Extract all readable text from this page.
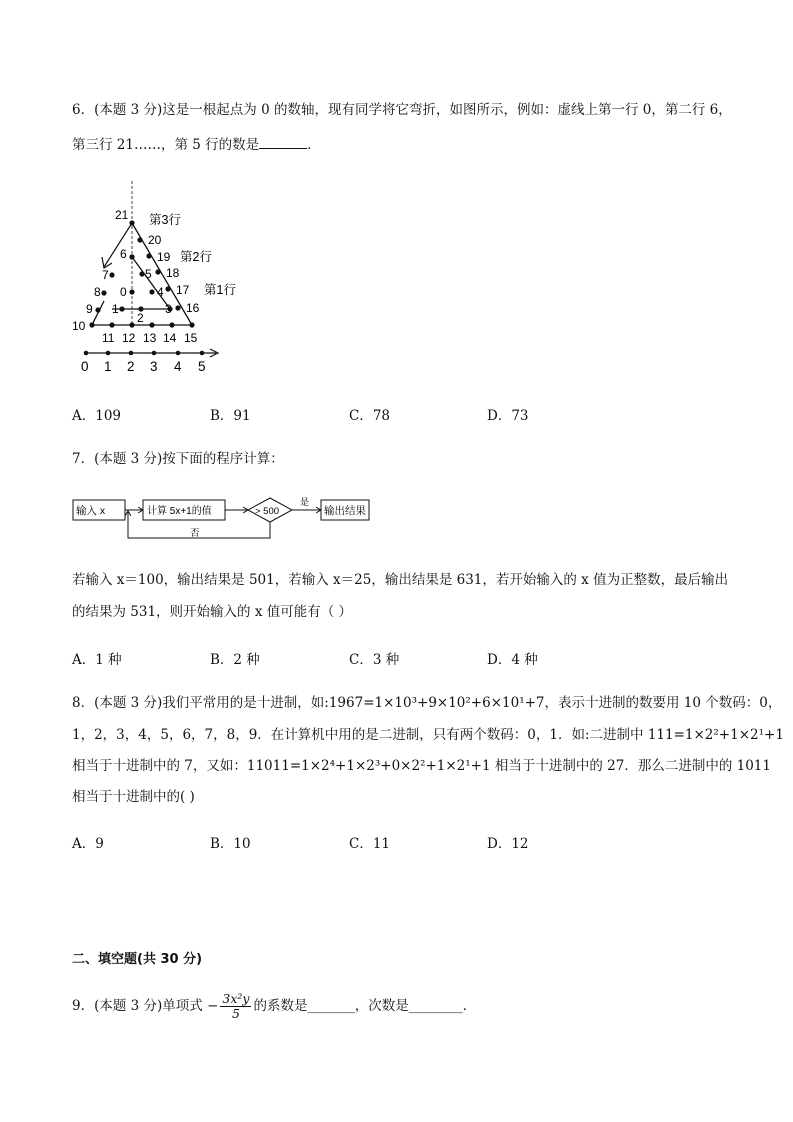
6．(本题 3 分)这是一根起点为 0 的数轴，现有同学将它弯折，如图所示，例如：虚线上第一行 0，第二行 6，
第三行 21……，第 5 行的数是	．
21
20
19
18
17
16
15
14
13
12
11
10
9
8
7
6
5
4
3
2
1
0
第3行
第2行
第1行
0 1 2 3 4 5
A．109	B．91	C．78	D．73
7．(本题 3 分)按下面的程序计算：
输入 x	计算 5x+1的值	> 500
是
输出结果
否
若输入 x＝100，输出结果是 501，若输入 x＝25，输出结果是 631，若开始输入的 x 值为正整数，最后输出
的结果为 531，则开始输入的 x 值可能有（ ）
A．1 种	B．2 种	C．3 种	D．4 种
8．(本题 3 分)我们平常用的是十进制，如:1967=1×10³+9×10²+6×10¹+7，表示十进制的数要用 10 个数码：0，
1，2，3，4，5，6，7，8，9．在计算机中用的是二进制，只有两个数码：0，1．如:二进制中 111=1×2²+1×2¹+1
相当于十进制中的 7，又如：11011=1×2⁴+1×2³+0×2²+1×2¹+1 相当于十进制中的 27．那么二进制中的 1011
相当于十进制中的( )
A．9	B．10	C．11	D．12
二、填空题(共 30 分)
9．(本题 3 分)单项式 − $\frac{\text{3x²y}}{5}$ 的系数是_______，次数是________．
